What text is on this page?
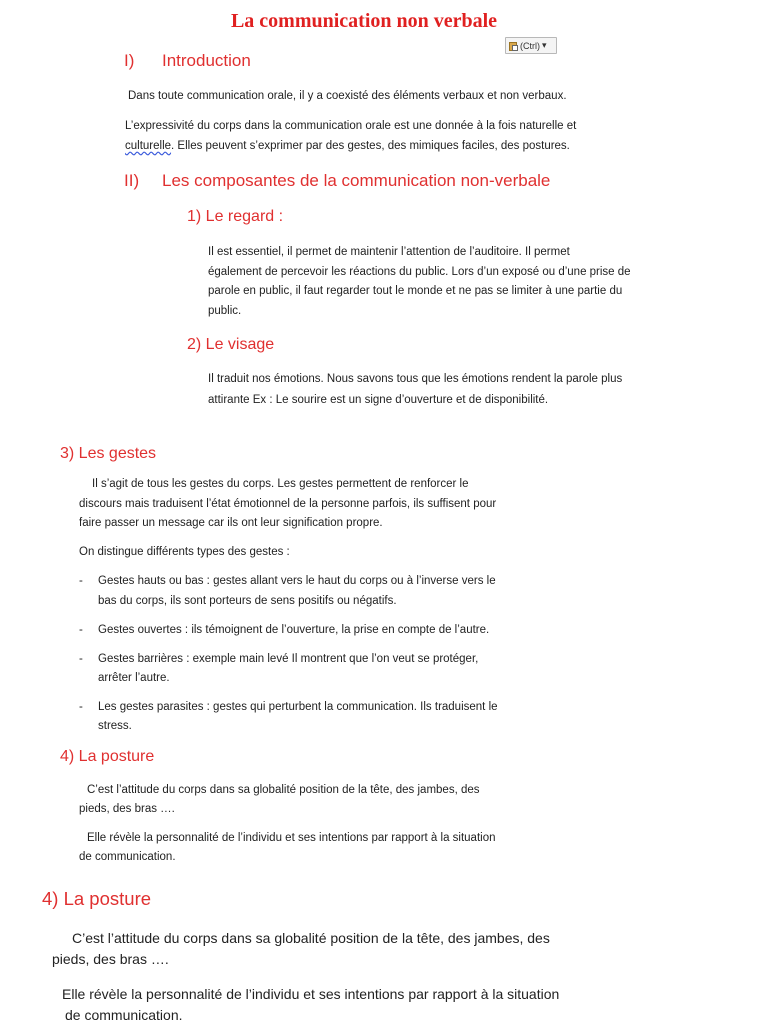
La communication non verbale
(Ctrl) ▾
I) Introduction
Dans toute communication orale, il y a coexisté des éléments verbaux et non verbaux.
L’expressivité du corps dans la communication orale est une donnée à la fois naturelle et
culturelle. Elles peuvent s’exprimer par des gestes, des mimiques faciles, des postures.
II) Les composantes de la communication non-verbale
1) Le regard :
Il est essentiel, il permet de maintenir l’attention de l’auditoire. Il permet
également de percevoir les réactions du public. Lors d’un exposé ou d’une prise de
parole en public, il faut regarder tout le monde et ne pas se limiter à une partie du
public.
2) Le visage
Il traduit nos émotions. Nous savons tous que les émotions rendent la parole plus
attirante Ex : Le sourire est un signe d’ouverture et de disponibilité.
3) Les gestes
Il s’agit de tous les gestes du corps. Les gestes permettent de renforcer le
discours mais traduisent l’état émotionnel de la personne parfois, ils suffisent pour
faire passer un message car ils ont leur signification propre.
On distingue différents types des gestes :
- Gestes hauts ou bas : gestes allant vers le haut du corps ou à l’inverse vers le
bas du corps, ils sont porteurs de sens positifs ou négatifs.
- Gestes ouvertes : ils témoignent de l’ouverture, la prise en compte de l’autre.
- Gestes barrières : exemple main levé Il montrent que l’on veut se protéger,
arrêter l’autre.
- Les gestes parasites : gestes qui perturbent la communication. Ils traduisent le
stress.
4) La posture
C’est l’attitude du corps dans sa globalité position de la tête, des jambes, des
pieds, des bras ….
Elle révèle la personnalité de l’individu et ses intentions par rapport à la situation
de communication.
4) La posture
C’est l’attitude du corps dans sa globalité position de la tête, des jambes, des
pieds, des bras ….
Elle révèle la personnalité de l’individu et ses intentions par rapport à la situation
de communication.
